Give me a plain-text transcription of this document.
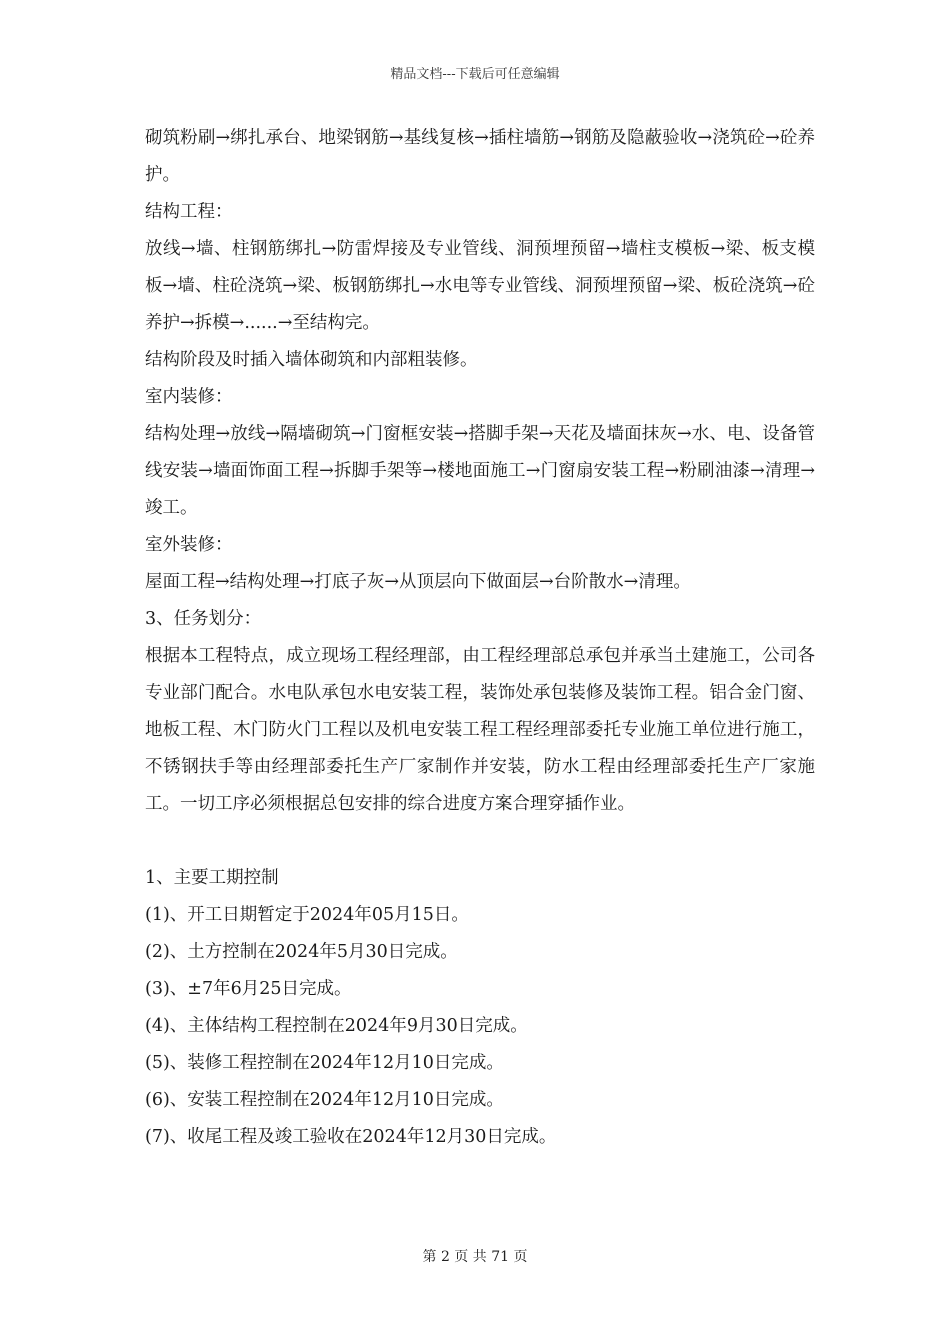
精品文档---下载后可任意编辑

砌筑粉刷→绑扎承台、地梁钢筋→基线复核→插柱墙筋→钢筋及隐蔽验收→浇筑砼→砼养护。

结构工程：

放线→墙、柱钢筋绑扎→防雷焊接及专业管线、洞预埋预留→墙柱支模板→梁、板支模板→墙、柱砼浇筑→梁、板钢筋绑扎→水电等专业管线、洞预埋预留→梁、板砼浇筑→砼养护→拆模→......→至结构完。

结构阶段及时插入墙体砌筑和内部粗装修。

室内装修：

结构处理→放线→隔墙砌筑→门窗框安装→搭脚手架→天花及墙面抹灰→水、电、设备管线安装→墙面饰面工程→拆脚手架等→楼地面施工→门窗扇安装工程→粉刷油漆→清理→竣工。

室外装修：

屋面工程→结构处理→打底子灰→从顶层向下做面层→台阶散水→清理。

3、任务划分：

根据本工程特点，成立现场工程经理部，由工程经理部总承包并承当土建施工，公司各专业部门配合。水电队承包水电安装工程，装饰处承包装修及装饰工程。铝合金门窗、地板工程、木门防火门工程以及机电安装工程工程经理部委托专业施工单位进行施工，不锈钢扶手等由经理部委托生产厂家制作并安装，防水工程由经理部委托生产厂家施工。一切工序必须根据总包安排的综合进度方案合理穿插作业。

1、主要工期控制

(1)、开工日期暂定于2024年05月15日。

(2)、土方控制在2024年5月30日完成。

(3)、±7年6月25日完成。

(4)、主体结构工程控制在2024年9月30日完成。

(5)、装修工程控制在2024年12月10日完成。

(6)、安装工程控制在2024年12月10日完成。

(7)、收尾工程及竣工验收在2024年12月30日完成。

第 2 页 共 71 页
